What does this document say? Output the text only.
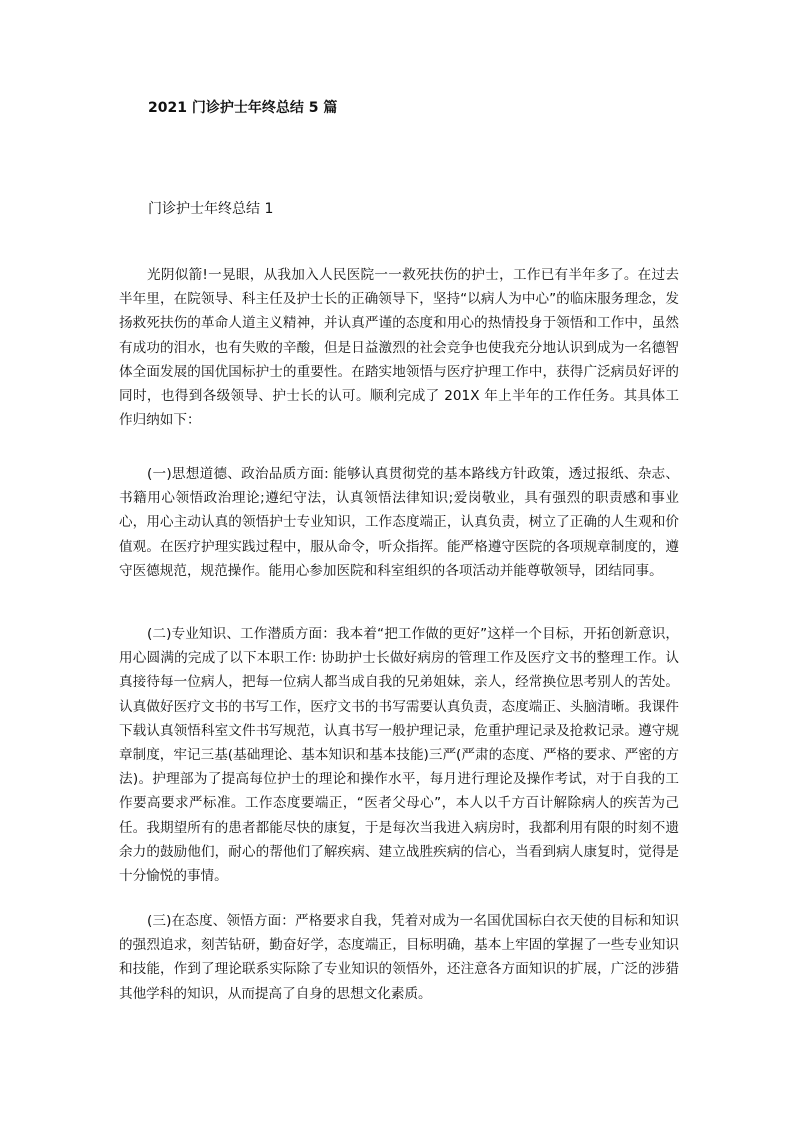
2021 门诊护士年终总结 5 篇

门诊护士年终总结 1

光阴似箭!一晃眼，从我加入人民医院一一救死扶伤的护士，工作已有半年多了。在过去半年里，在院领导、科主任及护士长的正确领导下，坚持“以病人为中心”的临床服务理念，发扬救死扶伤的革命人道主义精神，并认真严谨的态度和用心的热情投身于领悟和工作中，虽然有成功的泪水，也有失败的辛酸，但是日益激烈的社会竞争也使我充分地认识到成为一名德智体全面发展的国优国标护士的重要性。在踏实地领悟与医疗护理工作中，获得广泛病员好评的同时，也得到各级领导、护士长的认可。顺利完成了 201X 年上半年的工作任务。其具体工作归纳如下：

(一)思想道德、政治品质方面: 能够认真贯彻党的基本路线方针政策，透过报纸、杂志、书籍用心领悟政治理论;遵纪守法，认真领悟法律知识;爱岗敬业，具有强烈的职责感和事业心，用心主动认真的领悟护士专业知识，工作态度端正，认真负责，树立了正确的人生观和价值观。在医疗护理实践过程中，服从命令，听众指挥。能严格遵守医院的各项规章制度的，遵守医德规范，规范操作。能用心参加医院和科室组织的各项活动并能尊敬领导，团结同事。

(二)专业知识、工作潜质方面：我本着“把工作做的更好”这样一个目标，开拓创新意识，用心圆满的完成了以下本职工作: 协助护士长做好病房的管理工作及医疗文书的整理工作。认真接待每一位病人，把每一位病人都当成自我的兄弟姐妹，亲人，经常换位思考别人的苦处。认真做好医疗文书的书写工作，医疗文书的书写需要认真负责，态度端正、头脑清晰。我课件下载认真领悟科室文件书写规范，认真书写一般护理记录，危重护理记录及抢救记录。遵守规章制度，牢记三基(基础理论、基本知识和基本技能)三严(严肃的态度、严格的要求、严密的方法)。护理部为了提高每位护士的理论和操作水平，每月进行理论及操作考试，对于自我的工作要高要求严标准。工作态度要端正，“医者父母心”，本人以千方百计解除病人的疾苦为己任。我期望所有的患者都能尽快的康复，于是每次当我进入病房时，我都利用有限的时刻不遗余力的鼓励他们，耐心的帮他们了解疾病、建立战胜疾病的信心，当看到病人康复时，觉得是十分愉悦的事情。

(三)在态度、领悟方面：严格要求自我，凭着对成为一名国优国标白衣天使的目标和知识的强烈追求，刻苦钻研，勤奋好学，态度端正，目标明确，基本上牢固的掌握了一些专业知识和技能，作到了理论联系实际除了专业知识的领悟外，还注意各方面知识的扩展，广泛的涉猎其他学科的知识，从而提高了自身的思想文化素质。
